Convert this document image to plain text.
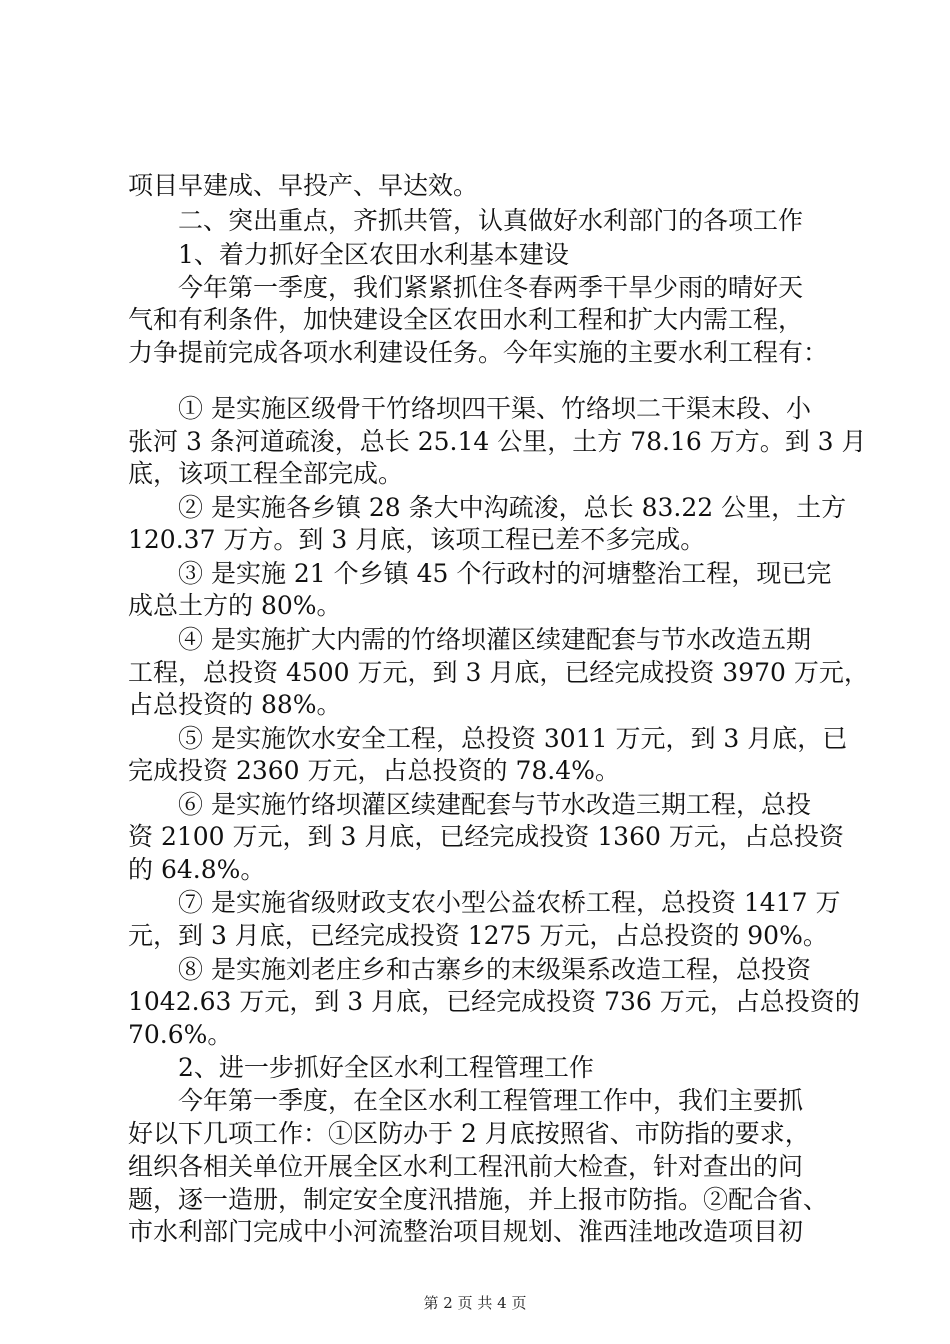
项目早建成、早投产、早达效。
二、突出重点，齐抓共管，认真做好水利部门的各项工作
1、着力抓好全区农田水利基本建设
今年第一季度，我们紧紧抓住冬春两季干旱少雨的晴好天
气和有利条件，加快建设全区农田水利工程和扩大内需工程，
力争提前完成各项水利建设任务。今年实施的主要水利工程有：
① 是实施区级骨干竹络坝四干渠、竹络坝二干渠末段、小
张河 3 条河道疏浚，总长 25.14 公里，土方 78.16 万方。到 3 月
底，该项工程全部完成。
② 是实施各乡镇 28 条大中沟疏浚，总长 83.22 公里，土方
120.37 万方。到 3 月底，该项工程已差不多完成。
③ 是实施 21 个乡镇 45 个行政村的河塘整治工程，现已完
成总土方的 80%。
④ 是实施扩大内需的竹络坝灌区续建配套与节水改造五期
工程，总投资 4500 万元，到 3 月底，已经完成投资 3970 万元，
占总投资的 88%。
⑤ 是实施饮水安全工程，总投资 3011 万元，到 3 月底，已
完成投资 2360 万元，占总投资的 78.4%。
⑥ 是实施竹络坝灌区续建配套与节水改造三期工程，总投
资 2100 万元，到 3 月底，已经完成投资 1360 万元，占总投资
的 64.8%。
⑦ 是实施省级财政支农小型公益农桥工程，总投资 1417 万
元，到 3 月底，已经完成投资 1275 万元，占总投资的 90%。
⑧ 是实施刘老庄乡和古寨乡的末级渠系改造工程，总投资
1042.63 万元，到 3 月底，已经完成投资 736 万元，占总投资的
70.6%。
2、进一步抓好全区水利工程管理工作
今年第一季度，在全区水利工程管理工作中，我们主要抓
好以下几项工作：①区防办于 2 月底按照省、市防指的要求，
组织各相关单位开展全区水利工程汛前大检查，针对查出的问
题，逐一造册，制定安全度汛措施，并上报市防指。②配合省、
市水利部门完成中小河流整治项目规划、淮西洼地改造项目初
第 2 页 共 4 页
